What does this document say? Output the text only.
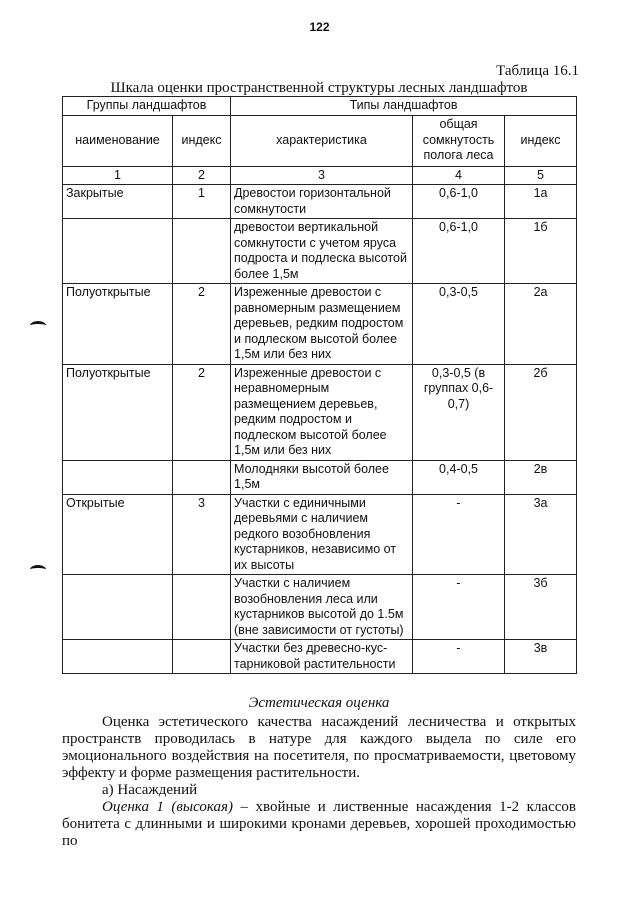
122
Таблица 16.1
Шкала оценки пространственной структуры лесных ландшафтов
Группы ландшафтов		Типы ландшафтов		
наименование	индекс	характеристика	общая сомкнутость полога леса	индекс
1	2	3	4	5
Закрытые	1	Древостои горизонтальной сомкнутости	0,6-1,0	1а
		древостои вертикальной сомкнутости с учетом яруса подроста и подлеска высотой более 1,5м	0,6-1,0	1б
Полуоткрытые	2	Изреженные древостои с равномерным размещением деревьев, редким подростом и подлеском высотой более 1,5м или без них	0,3-0,5	2а
Полуоткрытые	2	Изреженные древостои с неравномерным размещением деревьев, редким подростом и подлеском высотой более 1,5м или без них	0,3-0,5 (в группах 0,6-0,7)	2б
		Молодняки высотой более 1,5м	0,4-0,5	2в
Открытые	3	Участки с единичными деревьями с наличием редкого возобновления кустарников, независимо от их высоты	-	3а
		Участки с наличием возобновления леса или кустарников высотой до 1.5м (вне зависимости от густоты)	-	3б
		Участки без древесно-кус-тарниковой растительности	-	3в

Эстетическая оценка

Оценка эстетического качества насаждений лесничества и открытых пространств проводилась в натуре для каждого выдела по силе его эмоционального воздействия на посетителя, по просматриваемости, цветовому эффекту и форме размещения растительности.

а) Насаждений

Оценка 1 (высокая) – хвойные и лиственные насаждения 1-2 классов бонитета с длинными и широкими кронами деревьев, хорошей проходимостью по
